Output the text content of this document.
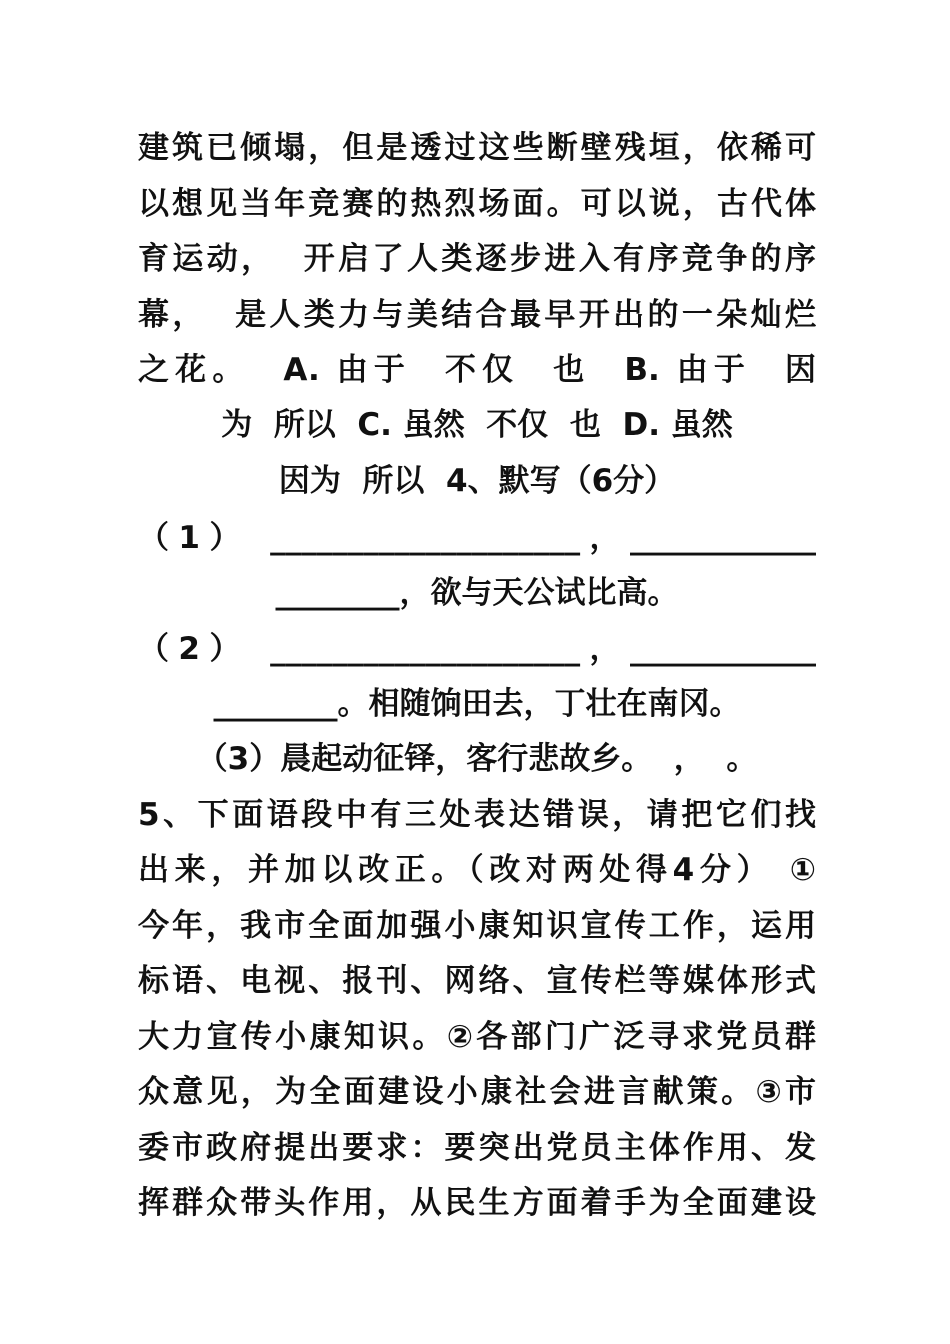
建筑已倾塌，但是透过这些断壁残垣，依稀可
以想见当年竞赛的热烈场面。可以说，古代体
育运动，  开启了人类逐步进入有序竞争的序
幕，  是人类力与美结合最早开出的一朵灿烂
之花。  A. 由于  不仅  也  B. 由于  因
为  所以  C. 虽然  不仅  也  D. 虽然
因为  所以  4、默写（6分）
（1） ____________________，____________
________，欲与天公试比高。
（2） ____________________，____________
________。相随饷田去，丁壮在南冈。
（3）晨起动征铎，客行悲故乡。  ，  。
5、下面语段中有三处表达错误，请把它们找
出来，并加以改正。（改对两处得4分） ①
今年，我市全面加强小康知识宣传工作，运用
标语、电视、报刊、网络、宣传栏等媒体形式
大力宣传小康知识。②各部门广泛寻求党员群
众意见，为全面建设小康社会进言献策。③市
委市政府提出要求：要突出党员主体作用、发
挥群众带头作用，从民生方面着手为全面建设
